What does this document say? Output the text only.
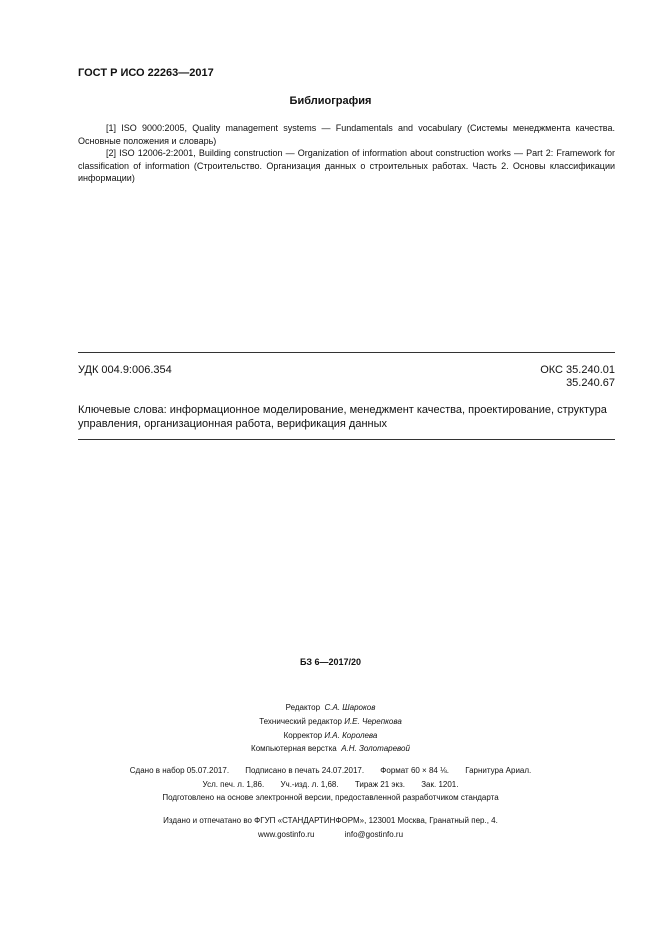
ГОСТ Р ИСО 22263—2017
Библиография

[1] ISO 9000:2005, Quality management systems — Fundamentals and vocabulary (Системы менеджмента качества. Основные положения и словарь)

[2] ISO 12006-2:2001, Building construction — Organization of information about construction works — Part 2: Framework for classification of information (Строительство. Организация данных о строительных работах. Часть 2. Основы классификации информации)

УДК 004.9:006.354	ОКС 35.240.01
35.240.67
Ключевые слова: информационное моделирование, менеджмент качества, проектирование, структура управления, организационная работа, верификация данных
БЗ 6—2017/20
Редактор С.А. Шароков
Технический редактор И.Е. Черепкова
Корректор И.А. Королева
Компьютерная верстка А.Н. Золотаревой
Сдано в набор 05.07.2017. Подписано в печать 24.07.2017. Формат 60 × 84 ⅛. Гарнитура Ариал.
Усл. печ. л. 1,86. Уч.-изд. л. 1,68. Тираж 21 экз. Зак. 1201.
Подготовлено на основе электронной версии, предоставленной разработчиком стандарта
Издано и отпечатано во ФГУП «СТАНДАРТИНФОРМ», 123001 Москва, Гранатный пер., 4.
www.gostinfo.ru	info@gostinfo.ru
